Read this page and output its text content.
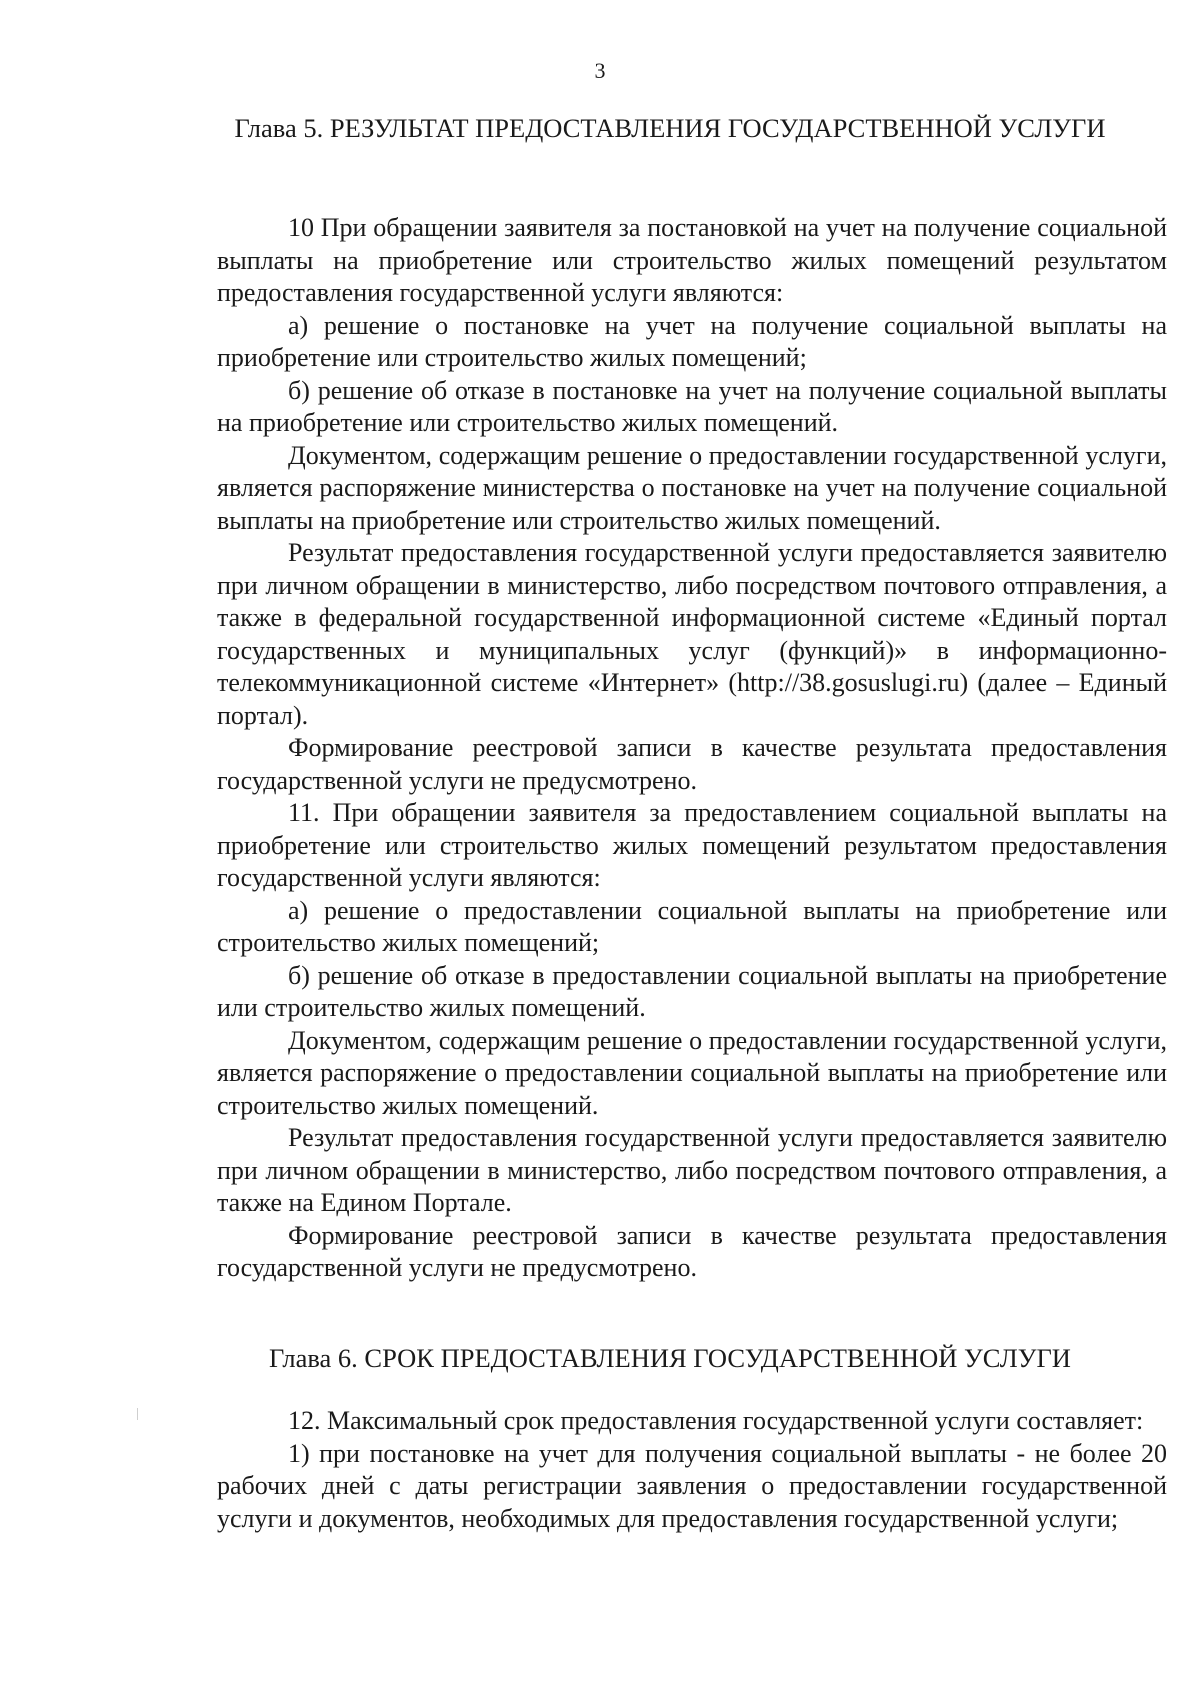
3
Глава 5. РЕЗУЛЬТАТ ПРЕДОСТАВЛЕНИЯ ГОСУДАРСТВЕННОЙ УСЛУГИ

10 При обращении заявителя за постановкой на учет на получение социальной выплаты на приобретение или строительство жилых помещений результатом предоставления государственной услуги являются:

а) решение о постановке на учет на получение социальной выплаты на приобретение или строительство жилых помещений;

б) решение об отказе в постановке на учет на получение социальной выплаты на приобретение или строительство жилых помещений.

Документом, содержащим решение о предоставлении государственной услуги, является распоряжение министерства о постановке на учет на получение социальной выплаты на приобретение или строительство жилых помещений.

Результат предоставления государственной услуги предоставляется заявителю при личном обращении в министерство, либо посредством почтового отправления, а также в федеральной государственной информационной системе «Единый портал государственных и муниципальных услуг (функций)» в информационно-телекоммуникационной системе «Интернет» (http://38.gosuslugi.ru) (далее – Единый портал).

Формирование реестровой записи в качестве результата предоставления государственной услуги не предусмотрено.

11. При обращении заявителя за предоставлением социальной выплаты на приобретение или строительство жилых помещений результатом предоставления государственной услуги являются:

а) решение о предоставлении социальной выплаты на приобретение или строительство жилых помещений;

б) решение об отказе в предоставлении социальной выплаты на приобретение или строительство жилых помещений.

Документом, содержащим решение о предоставлении государственной услуги, является распоряжение о предоставлении социальной выплаты на приобретение или строительство жилых помещений.

Результат предоставления государственной услуги предоставляется заявителю при личном обращении в министерство, либо посредством почтового отправления, а также на Едином Портале.

Формирование реестровой записи в качестве результата предоставления государственной услуги не предусмотрено.

Глава 6. СРОК ПРЕДОСТАВЛЕНИЯ ГОСУДАРСТВЕННОЙ УСЛУГИ

12. Максимальный срок предоставления государственной услуги составляет:

1) при постановке на учет для получения социальной выплаты - не более 20 рабочих дней с даты регистрации заявления о предоставлении государственной услуги и документов, необходимых для предоставления государственной услуги;
